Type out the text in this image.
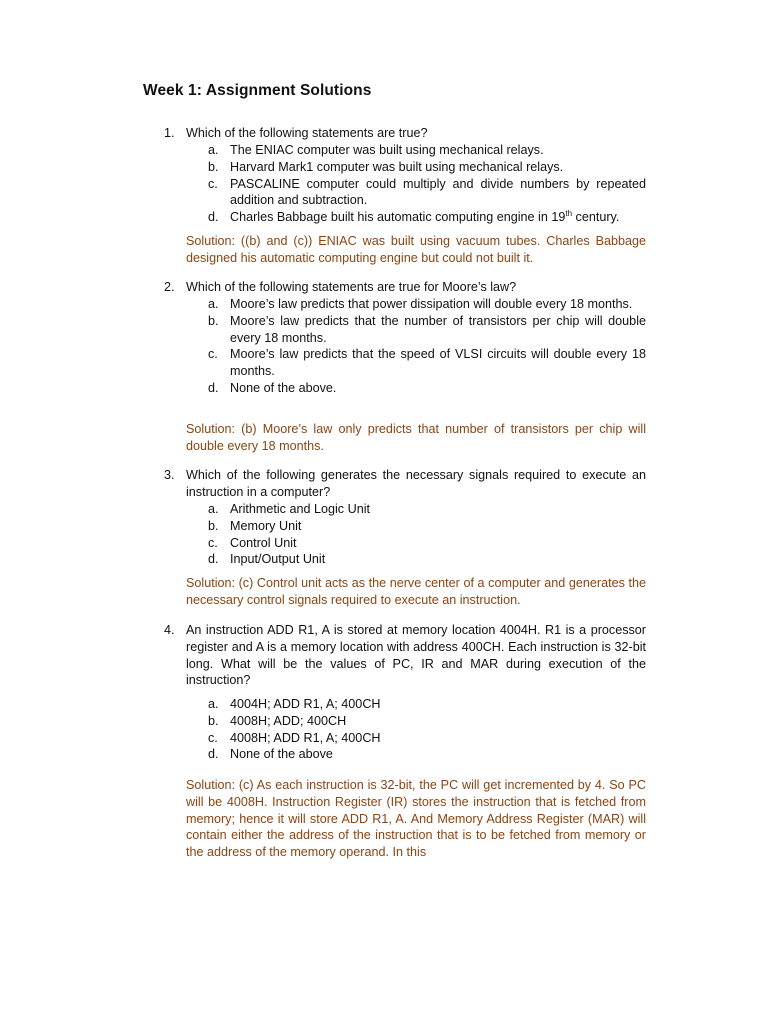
Week 1: Assignment Solutions
1. Which of the following statements are true?
a. The ENIAC computer was built using mechanical relays.
b. Harvard Mark1 computer was built using mechanical relays.
c. PASCALINE computer could multiply and divide numbers by repeated addition and subtraction.
d. Charles Babbage built his automatic computing engine in 19th century.
Solution: ((b) and (c)) ENIAC was built using vacuum tubes. Charles Babbage designed his automatic computing engine but could not built it.
2. Which of the following statements are true for Moore’s law?
a. Moore’s law predicts that power dissipation will double every 18 months.
b. Moore’s law predicts that the number of transistors per chip will double every 18 months.
c. Moore’s law predicts that the speed of VLSI circuits will double every 18 months.
d. None of the above.
Solution: (b) Moore’s law only predicts that number of transistors per chip will double every 18 months.
3. Which of the following generates the necessary signals required to execute an instruction in a computer?
a. Arithmetic and Logic Unit
b. Memory Unit
c. Control Unit
d. Input/Output Unit
Solution: (c) Control unit acts as the nerve center of a computer and generates the necessary control signals required to execute an instruction.
4. An instruction ADD R1, A is stored at memory location 4004H. R1 is a processor register and A is a memory location with address 400CH. Each instruction is 32-bit long. What will be the values of PC, IR and MAR during execution of the instruction?
a. 4004H; ADD R1, A; 400CH
b. 4008H; ADD; 400CH
c. 4008H; ADD R1, A; 400CH
d. None of the above
Solution: (c) As each instruction is 32-bit, the PC will get incremented by 4. So PC will be 4008H. Instruction Register (IR) stores the instruction that is fetched from memory; hence it will store ADD R1, A. And Memory Address Register (MAR) will contain either the address of the instruction that is to be fetched from memory or the address of the memory operand. In this
